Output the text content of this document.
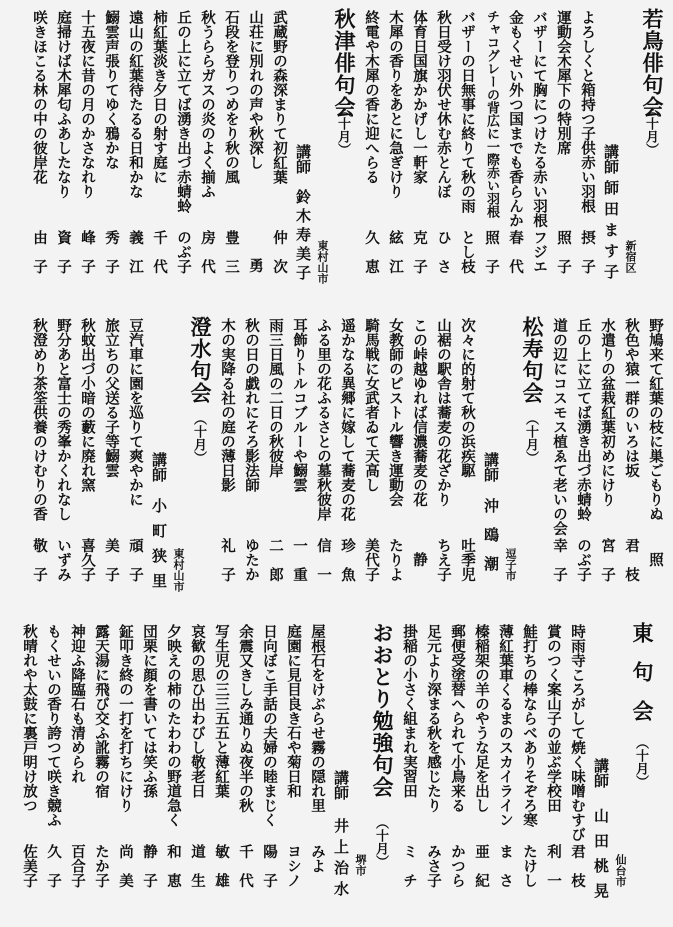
若鳥俳句会
（十月）
新宿区
講師
師田ます子
よろしくと箱持つ子供赤い羽根
摂　子
運動会木犀下の特別席
照　子
バザーにて胸につけたる赤い羽根
フジエ
金もくせい外つ国までも香らんか
春　代
チャコグレーの背広に一際赤い羽根
照　子
バザーの日無事に終りて秋の雨
とし枝
秋日受け羽伏せ休む赤とんぼ
ひ　さ
体育日国旗かかげし一軒家
克　子
木犀の香りをあとに急ぎけり
絃　江
終電や木犀の香に迎へらる
久　恵
秋津俳句会
（十月）
東村山市
講師
鈴木寿美子
武蔵野の森深まりて初紅葉
仲　次
山荘に別れの声や秋深し
勇
石段を登りつめをり秋の風
豊　三
秋うららガスの炎のよく揃ふ
房　代
丘の上に立てば湧き出づ赤蜻蛉
のぶ子
柿紅葉淡き夕日の射す庭に
千　代
遠山の紅葉待たるる日和かな
義　江
鰯雲声張りてゆく鴉かな
秀　子
十五夜に昔の月のかさなれり
峰　子
庭掃けば木犀匂ふあしたなり
資　子
咲きほこる林の中の彼岸花
由　子
野鳩来て紅葉の枝に巣ごもりぬ
照
秋色や猿一群のいろは坂
君　枝
水遣りの盆栽紅葉初めにけり
宮　子
丘の上に立てば湧き出づ赤蜻蛉
のぶ子
道の辺にコスモス植ゑて老いの会
幸　子
松寿句会
（十月）
逗子市
講師
沖鴎潮
次々に的射て秋の浜疾駆
吐季児
山裾の駅舎は蕎麦の花ざかり
ちえ子
この峠越ゆれば信濃蕎麦の花
静
女教師のピストル響き運動会
たりよ
騎馬戦に女武者ゐて天高し
美代子
遥かなる異郷に嫁して蕎麦の花
珍　魚
ふる里の花ふるさとの墓秋彼岸
信　一
耳飾りトルコブルーや鰯雲
一　重
雨三日風の二日の秋彼岸
二　郎
秋の日の戯れにそろ影法師
ゆたか
木の実降る社の庭の薄日影
礼　子
澄水句会
（十月）
東村山市
講師
小町狭里
豆汽車に園を巡りて爽やかに
頑　子
旅立ちの父送る子等鰯雲
美　子
秋蚊出づ小暗の藪に廃れ窯
喜久子
野分あと富士の秀峯かくれなし
いずみ
秋澄めり茶筌供養のけむりの香
敬　子
東句会
（十月）
仙台市
講師
山田桃晃
時雨寺ころがして焼く味噌むすび
君　枝
賞のつく案山子の並ぶ学校田
利　一
鮭打ちの棒ならべありそぞろ寒
たけし
薄紅葉車くるまのスカイライン
ま　さ
榛稲架の羊のやうな足を出し
亜　紀
郵便受塗替へられて小鳥来る
かつら
足元より深まる秋を感じたり
みさ子
掛稲の小さく組まれ実習田
ミ　チ
おおとり勉強句会
（十月）
堺市
講師
井上治水
屋根石をけぶらせ霧の隠れ里
みよ
庭園に見目良き石や菊日和
ヨシノ
日向ぼこ手話の夫婦の睦まじく
陽　子
余震又きしみ通りぬ夜半の秋
千　代
写生児の三三五五と薄紅葉
敏　雄
哀歓の思ひ出わびし敬老日
道　生
夕映えの柿のたわわの野道急く
和　恵
団栗に顔を書いては笑ふ孫
静　子
鉦叩き終の一打を打ちにけり
尚　美
露天湯に飛び交ふ訛霧の宿
たか子
神迎ふ降臨石も清められ
百合子
もくせいの香り誇つて咲き競ふ
久　子
秋晴れや太鼓に裏戸明け放つ
佐美子
